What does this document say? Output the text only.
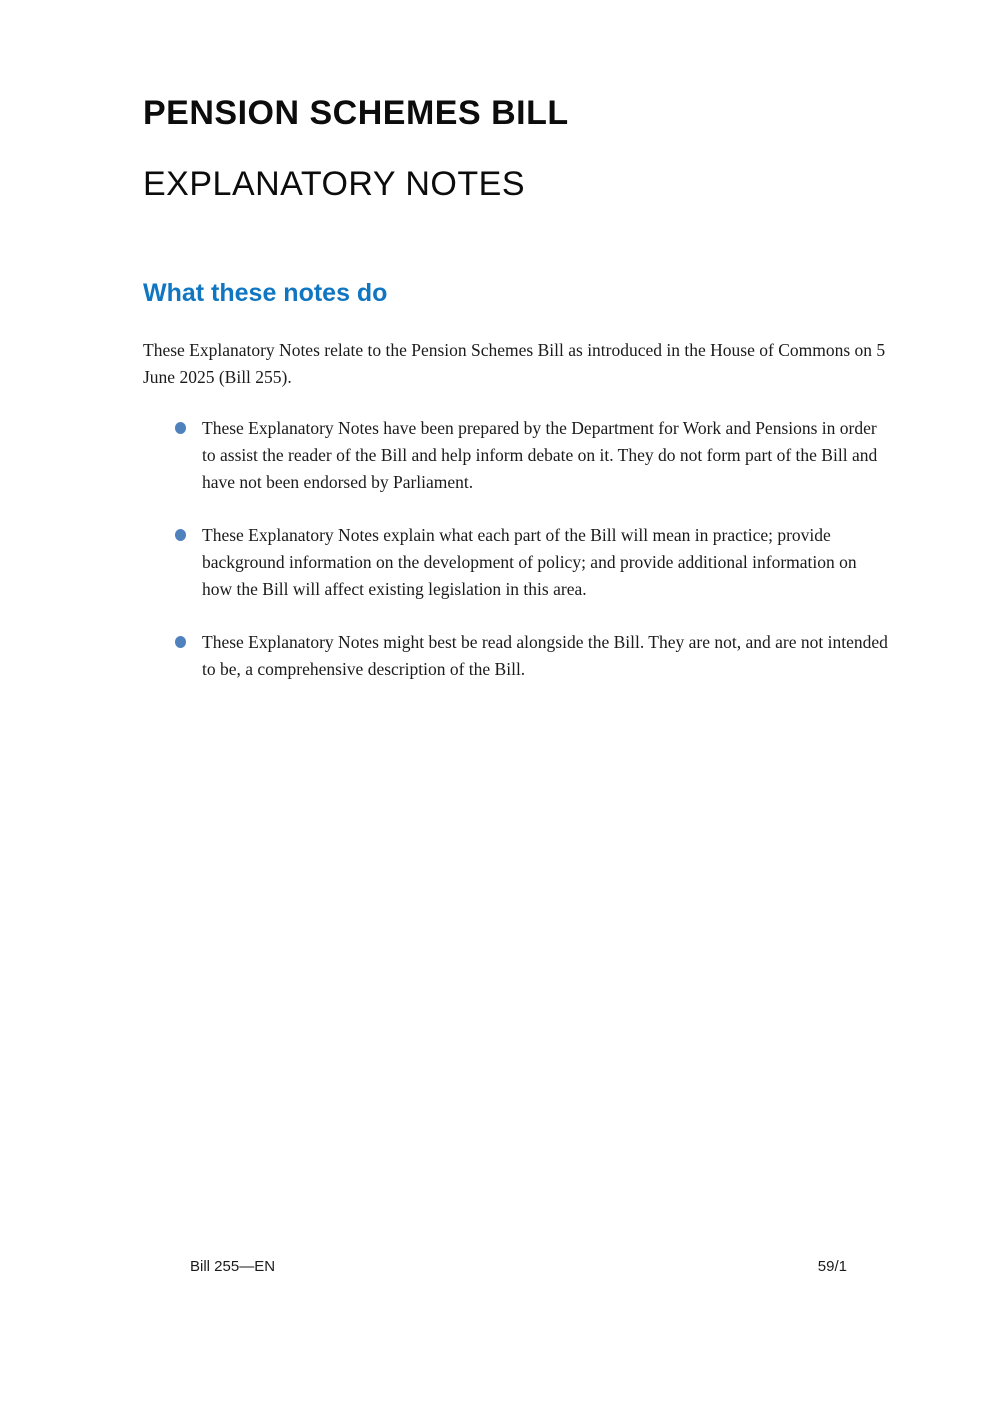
PENSION SCHEMES BILL
EXPLANATORY NOTES
What these notes do

These Explanatory Notes relate to the Pension Schemes Bill as introduced in the House of Commons on 5 June 2025 (Bill 255).

These Explanatory Notes have been prepared by the Department for Work and Pensions in order to assist the reader of the Bill and help inform debate on it. They do not form part of the Bill and have not been endorsed by Parliament.
These Explanatory Notes explain what each part of the Bill will mean in practice; provide background information on the development of policy; and provide additional information on how the Bill will affect existing legislation in this area.
These Explanatory Notes might best be read alongside the Bill. They are not, and are not intended to be, a comprehensive description of the Bill.
Bill 255—EN	59/1
